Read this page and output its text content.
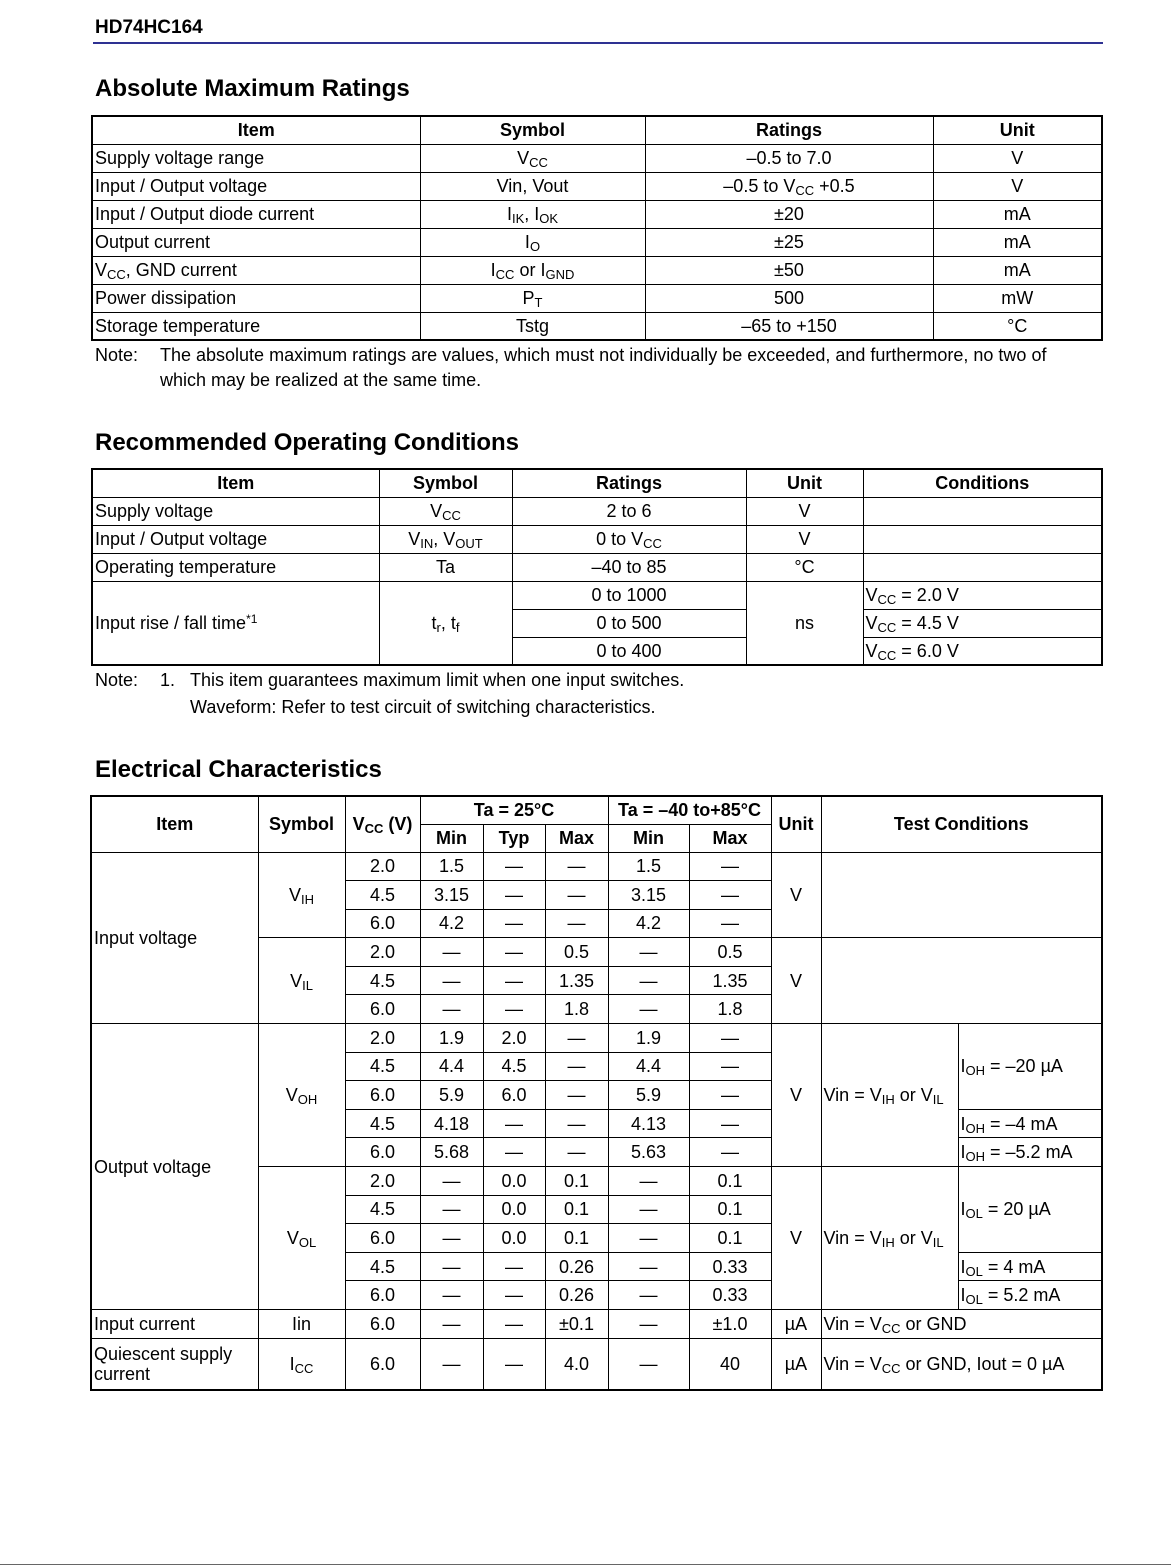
HD74HC164
Absolute Maximum Ratings
Item	Symbol	Ratings	Unit
Supply voltage range	$V_{CC}$	–0.5 to 7.0	V
Input / Output voltage	Vin, Vout	–0.5 to $V_{CC} +0.5$	V
Input / Output diode current	$I_{IK}$, $I_{OK}$	±20	mA
Output current	$I_O$	±25	mA
$V_{CC}$, GND current	$I_{CC}$ or $I_{GND}$	±50	mA
Power dissipation	$P_T$	500	mW
Storage temperature	Tstg	–65 to +150	°C
Note: The absolute maximum ratings are values, which must not individually be exceeded, and furthermore, no two of
which may be realized at the same time.
Recommended Operating Conditions
Item	Symbol	Ratings	Unit	Conditions
Supply voltage	$V_{CC}$	2 to 6	V	
Input / Output voltage	$V_{IN}$, $V_{OUT}$	0 to $V_{CC}$	V	
Operating temperature	Ta	–40 to 85	°C	
Input rise / fall time$^{*1}$	$t_r$, $t_f$	0 to 1000	ns	$V_{CC} = 2.0$ V
		0 to 500		$V_{CC} = 4.5$ V
		0 to 400		$V_{CC} = 6.0$ V
Note: 1. This item guarantees maximum limit when one input switches.
Waveform: Refer to test circuit of switching characteristics.
Electrical Characteristics
Item	Symbol	$V_{CC}$ (V)	Ta = 25°C			Ta = –40 to+85°C		Unit	Test Conditions	
			Min	Typ	Max	Min	Max			
Input voltage	$V_{IH}$	2.0	1.5	—	—	1.5	—	V		
		4.5	3.15	—	—	3.15	—			
		6.0	4.2	—	—	4.2	—			
	$V_{IL}$	2.0	—	—	0.5	—	0.5	V		
		4.5	—	—	1.35	—	1.35			
		6.0	—	—	1.8	—	1.8			
Output voltage	$V_{OH}$	2.0	1.9	2.0	—	1.9	—	V	Vin = $V_{IH}$ or $V_{IL}$	$I_{OH} = -20$ µA
		4.5	4.4	4.5	—	4.4	—			
		6.0	5.9	6.0	—	5.9	—			
		4.5	4.18	—	—	4.13	—			$I_{OH} = -4$ mA
		6.0	5.68	—	—	5.63	—			$I_{OH} = -5.2$ mA
	$V_{OL}$	2.0	—	0.0	0.1	—	0.1	V	Vin = $V_{IH}$ or $V_{IL}$	$I_{OL} = 20$ µA
		4.5	—	0.0	0.1	—	0.1			
		6.0	—	0.0	0.1	—	0.1			
		4.5	—	—	0.26	—	0.33			$I_{OL} = 4$ mA
		6.0	—	—	0.26	—	0.33			$I_{OL} = 5.2$ mA
Input current	Iin	6.0	—	—	±0.1	—	±1.0	µA	Vin = $V_{CC}$ or GND	
Quiescent supply
current	$I_{CC}$	6.0	—	—	4.0	—	40	µA	Vin = $V_{CC}$ or GND, Iout = 0 µA	
